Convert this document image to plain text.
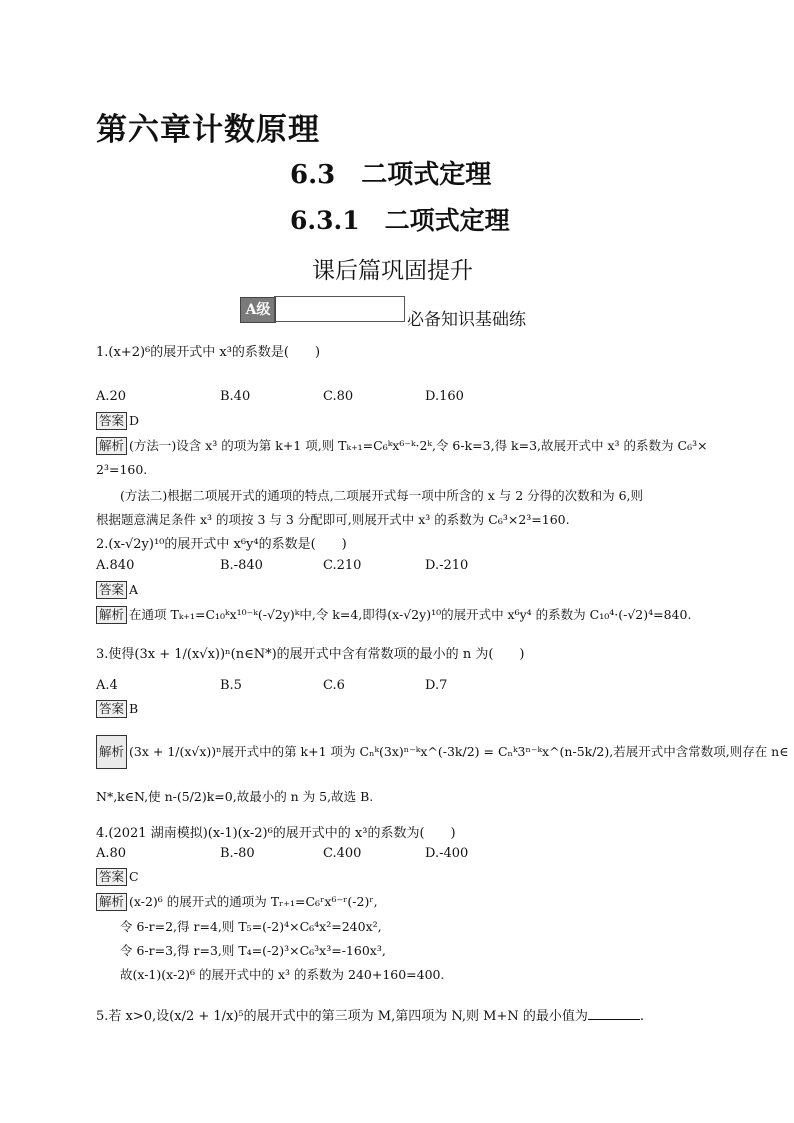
第六章计数原理
6.3　二项式定理
6.3.1　二项式定理
课后篇巩固提升
A级	必备知识基础练
1.(x+2)⁶的展开式中 x³的系数是(　　)
A.20	B.40	C.80	D.160
答案 D
解析 (方法一)设含 x³ 的项为第 k+1 项,则 Tₖ₊₁=C₆ᵏx⁶⁻ᵏ·2ᵏ,令 6-k=3,得 k=3,故展开式中 x³ 的系数为 C₆³×
2³=160.
(方法二)根据二项展开式的通项的特点,二项展开式每一项中所含的 x 与 2 分得的次数和为 6,则
根据题意满足条件 x³ 的项按 3 与 3 分配即可,则展开式中 x³ 的系数为 C₆³×2³=160.
2.(x-√2y)¹⁰的展开式中 x⁶y⁴的系数是(　　)
A.840	B.-840	C.210	D.-210
答案 A
解析 在通项 Tₖ₊₁=C₁₀ᵏx¹⁰⁻ᵏ(-√2y)ᵏ中,令 k=4,即得(x-√2y)¹⁰的展开式中 x⁶y⁴ 的系数为 C₁₀⁴·(-√2)⁴=840.
3.使得(3x + 1/(x√x))ⁿ(n∈N*)的展开式中含有常数项的最小的 n 为(　　)
A.4	B.5	C.6	D.7
答案 B
解析 (3x + 1/(x√x))ⁿ展开式中的第 k+1 项为 Cₙᵏ(3x)ⁿ⁻ᵏx^(-3k/2) = Cₙᵏ3ⁿ⁻ᵏx^(n-5k/2),若展开式中含常数项,则存在 n∈
N*,k∈N,使 n-(5/2)k=0,故最小的 n 为 5,故选 B.
4.(2021 湖南模拟)(x-1)(x-2)⁶的展开式中的 x³的系数为(　　)
A.80	B.-80	C.400	D.-400
答案 C
解析 (x-2)⁶ 的展开式的通项为 Tᵣ₊₁=C₆ʳx⁶⁻ʳ(-2)ʳ,
令 6-r=2,得 r=4,则 T₅=(-2)⁴×C₆⁴x²=240x²,
令 6-r=3,得 r=3,则 T₄=(-2)³×C₆³x³=-160x³,
故(x-1)(x-2)⁶ 的展开式中的 x³ 的系数为 240+160=400.
5.若 x>0,设(x/2 + 1/x)⁵的展开式中的第三项为 M,第四项为 N,则 M+N 的最小值为	.
